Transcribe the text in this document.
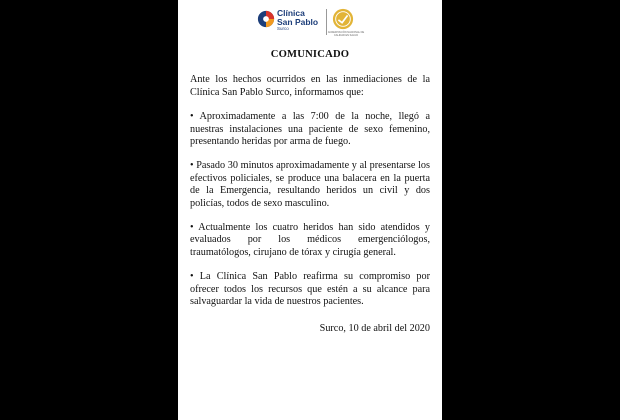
Clínica
San Pablo
Surco
ACREDITACIÓN NACIONAL DE CALIDAD EN SALUD
COMUNICADO
Ante los hechos ocurridos en las inmediaciones de la Clínica San Pablo Surco, informamos que:
• Aproximadamente a las 7:00 de la noche, llegó a nuestras instalaciones una paciente de sexo femenino, presentando heridas por arma de fuego.
• Pasado 30 minutos aproximadamente y al presentarse los efectivos policiales, se produce una balacera en la puerta de la Emergencia, resultando heridos un civil y dos policías, todos de sexo masculino.
• Actualmente los cuatro heridos han sido atendidos y evaluados por los médicos emergenciólogos, traumatólogos, cirujano de tórax y cirugía general.
• La Clínica San Pablo reafirma su compromiso por ofrecer todos los recursos que estén a su alcance para salvaguardar la vida de nuestros pacientes.
Surco, 10 de abril del 2020
